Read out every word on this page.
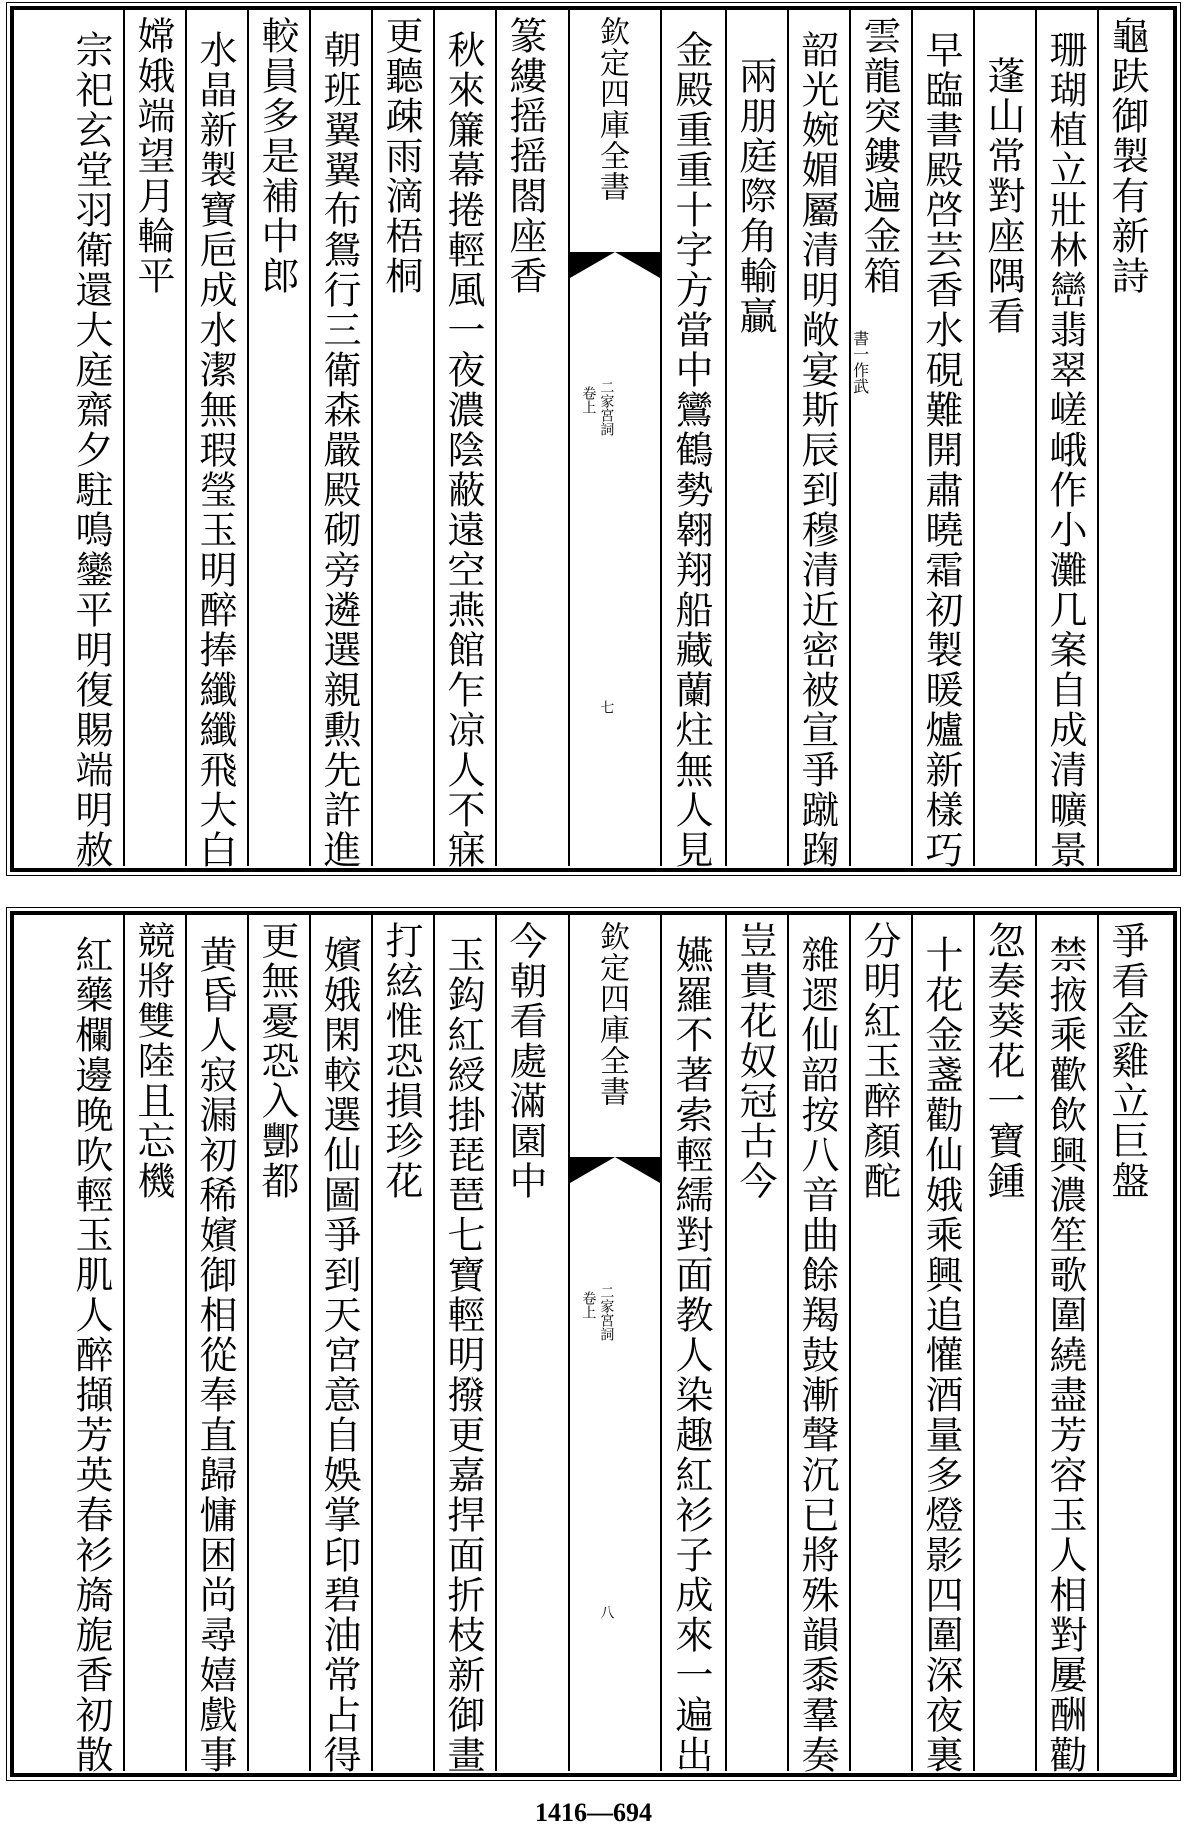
龜趺御製有新詩
珊瑚植立壯林巒翡翠嵯峨作小灘几案自成清曠景
蓬山常對座隅看
早臨書殿啓芸香水硯難開肅曉霜初製暖爐新樣巧
雲龍突鏤遍金箱
書一作武
韶光婉媚屬清明敞宴斯辰到穆清近密被宣爭蹴踘
兩朋庭際角輸贏
金殿重重十字方當中鸞鶴勢翱翔船藏蘭炷無人見
欽定四庫全書
二家宮詞
卷上
七
篆縷摇摇閤座香
秋來簾幕捲輕風一夜濃陰蔽遠空燕館乍凉人不寐
更聽疎雨滴梧桐
朝班翼翼布鴛行三衛森嚴殿砌旁遴選親勲先許進
較員多是補中郎
水晶新製寶巵成水潔無瑕瑩玉明醉捧纖纖飛大白
嫦娥端望月輪平
宗祀玄堂羽衛還大庭齋夕駐鳴鑾平明復賜端明赦
爭看金雞立巨盤
禁掖乘歡飲興濃笙歌圍繞盡芳容玉人相對屢酬勸
忽奏葵花一寶鍾
十花金盞勸仙娥乘興追懽酒量多燈影四圍深夜裏
分明紅玉醉顏酡
雜遝仙韶按八音曲餘羯鼓漸聲沉已將殊韻黍羣奏
豈貴花奴冠古今
嬿羅不著索輕繻對面教人染趣紅衫子成來一遍出
欽定四庫全書
二家宮詞
卷上
八
今朝看處滿園中
玉鈎紅綬掛琵琶七寶輕明撥更嘉捍面折枝新御畫
打絃惟恐損珍花
嬪娥閑較選仙圖爭到天宮意自娛掌印碧油常占得
更無憂恐入酆都
黄昏人寂漏初稀嬪御相從奉直歸慵困尚尋嬉戲事
競將雙陸且忘機
紅藥欄邊晚吹輕玉肌人醉擷芳英春衫旖旎香初散
1416—694
